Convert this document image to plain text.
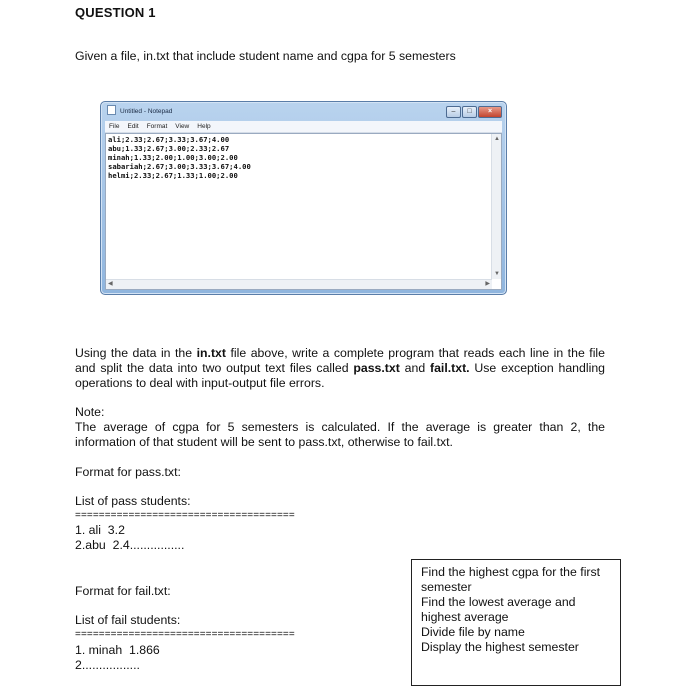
QUESTION 1
Given a file, in.txt that include student name and cgpa for 5 semesters
Untitled - Notepad	–	□	×
File Edit Format View Help
ali;2.33;2.67;3.33;3.67;4.00
abu;1.33;2.67;3.00;2.33;2.67
minah;1.33;2.00;1.00;3.00;2.00
sabariah;2.67;3.00;3.33;3.67;4.00
helmi;2.33;2.67;1.33;1.00;2.00
▲
▼
◀	▶
Using the data in the in.txt file above, write a complete program that reads each line in the file and split the data into two output text files called pass.txt and fail.txt. Use exception handling operations to deal with input-output file errors.
Note:
The average of cgpa for 5 semesters is calculated. If the average is greater than 2, the information of that student will be sent to pass.txt, otherwise to fail.txt.
Format for pass.txt:
List of pass students:
=====================================
1. ali  3.2
2.abu  2.4................
Format for fail.txt:
List of fail students:
=====================================
1. minah  1.866
2.................
Find the highest cgpa for the first semester
Find the lowest average and highest average
Divide file by name
Display the highest semester
